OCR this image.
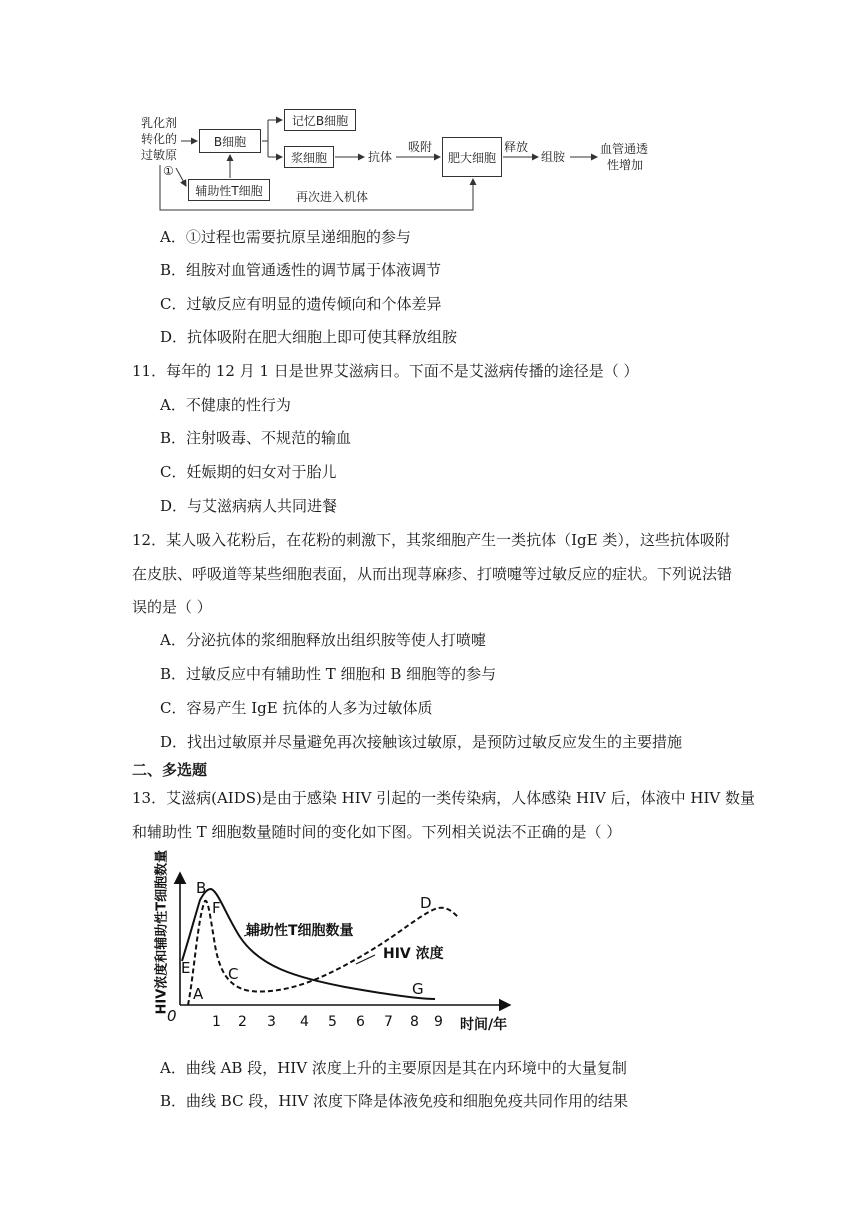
乳化剂
转化的
过敏原
①
B细胞
记忆B细胞
浆细胞
辅助性T细胞
抗体
吸附
肥大细胞
释放
组胺
血管通透
性增加
再次进入机体
A．①过程也需要抗原呈递细胞的参与
B．组胺对血管通透性的调节属于体液调节
C．过敏反应有明显的遗传倾向和个体差异
D．抗体吸附在肥大细胞上即可使其释放组胺
11．每年的 12 月 1 日是世界艾滋病日。下面不是艾滋病传播的途径是（ ）
A．不健康的性行为
B．注射吸毒、不规范的输血
C．妊娠期的妇女对于胎儿
D．与艾滋病病人共同进餐
12．某人吸入花粉后，在花粉的刺激下，其浆细胞产生一类抗体（IgE 类），这些抗体吸附
在皮肤、呼吸道等某些细胞表面，从而出现荨麻疹、打喷嚏等过敏反应的症状。下列说法错
误的是（ ）
A．分泌抗体的浆细胞释放出组织胺等使人打喷嚏
B．过敏反应中有辅助性 T 细胞和 B 细胞等的参与
C．容易产生 IgE 抗体的人多为过敏体质
D．找出过敏原并尽量避免再次接触该过敏原，是预防过敏反应发生的主要措施
二、多选题
13．艾滋病(AIDS)是由于感染 HIV 引起的一类传染病，人体感染 HIV 后，体液中 HIV 数量
和辅助性 T 细胞数量随时间的变化如下图。下列相关说法不正确的是（ ）
HIV浓度和辅助性T细胞数量 B
F
E	C
A
D
G
辅助性T细胞数量
HIV 浓度
0	1 2 3 4 5 6 7 8 9 时间/年
A．曲线 AB 段，HIV 浓度上升的主要原因是其在内环境中的大量复制
B．曲线 BC 段，HIV 浓度下降是体液免疫和细胞免疫共同作用的结果
